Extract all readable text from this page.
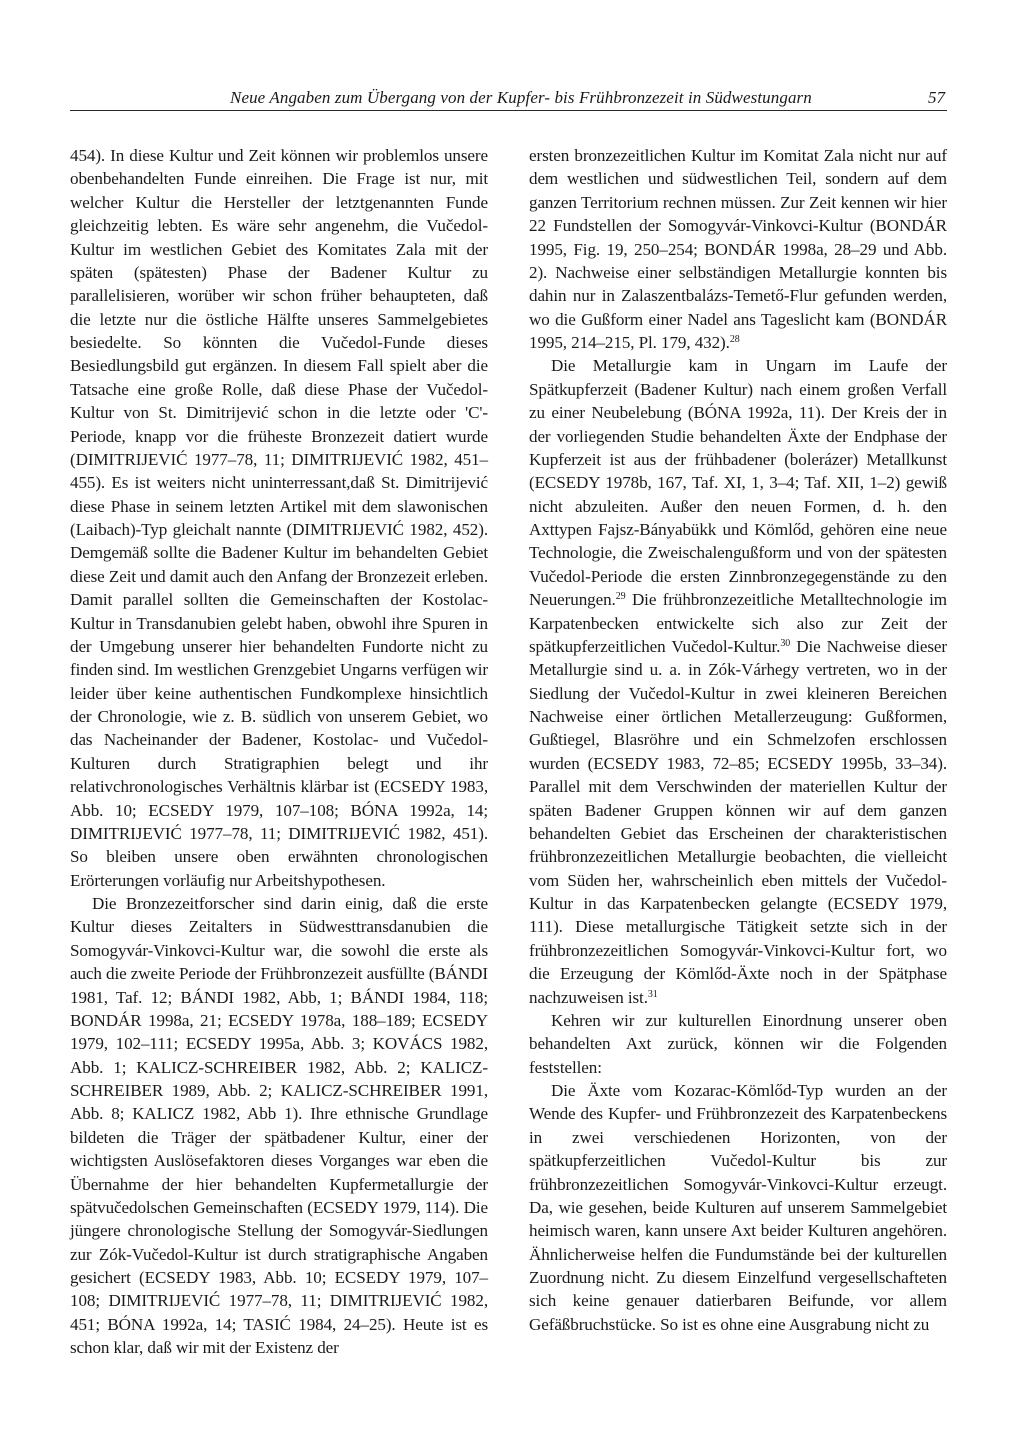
Neue Angaben zum Übergang von der Kupfer- bis Frühbronzezeit in Südwestungarn	57

454). In diese Kultur und Zeit können wir problemlos unsere obenbehandelten Funde einreihen. Die Frage ist nur, mit welcher Kultur die Hersteller der letztgenannten Funde gleichzeitig lebten. Es wäre sehr angenehm, die Vučedol-Kultur im westlichen Gebiet des Komitates Zala mit der späten (spätesten) Phase der Badener Kultur zu parallelisieren, worüber wir schon früher behaupteten, daß die letzte nur die östliche Hälfte unseres Sammelgebietes besiedelte. So könnten die Vučedol-Funde dieses Besiedlungsbild gut ergänzen. In diesem Fall spielt aber die Tatsache eine große Rolle, daß diese Phase der Vučedol-Kultur von St. Dimitrijević schon in die letzte oder 'C'-Periode, knapp vor die früheste Bronzezeit datiert wurde (DIMITRIJEVIĆ 1977–78, 11; DIMITRIJEVIĆ 1982, 451–455). Es ist weiters nicht uninterressant,daß St. Dimitrijević diese Phase in seinem letzten Artikel mit dem slawonischen (Laibach)-Typ gleichalt nannte (DIMITRIJEVIĆ 1982, 452). Demgemäß sollte die Badener Kultur im behandelten Gebiet diese Zeit und damit auch den Anfang der Bronzezeit erleben. Damit parallel sollten die Gemeinschaften der Kostolac-Kultur in Transdanubien gelebt haben, obwohl ihre Spuren in der Umgebung unserer hier behandelten Fundorte nicht zu finden sind. Im westlichen Grenzgebiet Ungarns verfügen wir leider über keine authentischen Fundkomplexe hinsichtlich der Chronologie, wie z. B. südlich von unserem Gebiet, wo das Nacheinander der Badener, Kostolac- und Vučedol-Kulturen durch Stratigraphien belegt und ihr relativchronologisches Verhältnis klärbar ist (ECSEDY 1983, Abb. 10; ECSEDY 1979, 107–108; BÓNA 1992a, 14; DIMITRIJEVIĆ 1977–78, 11; DIMITRIJEVIĆ 1982, 451). So bleiben unsere oben erwähnten chronologischen Erörterungen vorläufig nur Arbeitshypothesen.

Die Bronzezeitforscher sind darin einig, daß die erste Kultur dieses Zeitalters in Südwesttransdanubien die Somogyvár-Vinkovci-Kultur war, die sowohl die erste als auch die zweite Periode der Frühbronzezeit ausfüllte (BÁNDI 1981, Taf. 12; BÁNDI 1982, Abb, 1; BÁNDI 1984, 118; BONDÁR 1998a, 21; ECSEDY 1978a, 188–189; ECSEDY 1979, 102–111; ECSEDY 1995a, Abb. 3; KOVÁCS 1982, Abb. 1; KALICZ-SCHREIBER 1982, Abb. 2; KALICZ-SCHREIBER 1989, Abb. 2; KALICZ-SCHREIBER 1991, Abb. 8; KALICZ 1982, Abb 1). Ihre ethnische Grundlage bildeten die Träger der spätbadener Kultur, einer der wichtigsten Auslösefaktoren dieses Vorganges war eben die Übernahme der hier behandelten Kupfermetallurgie der spätvučedolschen Gemeinschaften (ECSEDY 1979, 114). Die jüngere chronologische Stellung der Somogyvár-Siedlungen zur Zók-Vučedol-Kultur ist durch stratigraphische Angaben gesichert (ECSEDY 1983, Abb. 10; ECSEDY 1979, 107–108; DIMITRIJEVIĆ 1977–78, 11; DIMITRIJEVIĆ 1982, 451; BÓNA 1992a, 14; TASIĆ 1984, 24–25). Heute ist es schon klar, daß wir mit der Existenz der

ersten bronzezeitlichen Kultur im Komitat Zala nicht nur auf dem westlichen und südwestlichen Teil, sondern auf dem ganzen Territorium rechnen müssen. Zur Zeit kennen wir hier 22 Fundstellen der Somogyvár-Vinkovci-Kultur (BONDÁR 1995, Fig. 19, 250–254; BONDÁR 1998a, 28–29 und Abb. 2). Nachweise einer selbständigen Metallurgie konnten bis dahin nur in Zalaszentbalázs-Temető-Flur gefunden werden, wo die Gußform einer Nadel ans Tageslicht kam (BONDÁR 1995, 214–215, Pl. 179, 432).$^{28}$

Die Metallurgie kam in Ungarn im Laufe der Spätkupferzeit (Badener Kultur) nach einem großen Verfall zu einer Neubelebung (BÓNA 1992a, 11). Der Kreis der in der vorliegenden Studie behandelten Äxte der Endphase der Kupferzeit ist aus der frühbadener (bolerázer) Metallkunst (ECSEDY 1978b, 167, Taf. XI, 1, 3–4; Taf. XII, 1–2) gewiß nicht abzuleiten. Außer den neuen Formen, d. h. den Axttypen Fajsz-Bányabükk und Kömlőd, gehören eine neue Technologie, die Zweischalengußform und von der spätesten Vučedol-Periode die ersten Zinnbronzegegenstände zu den Neuerungen.$^{29}$ Die frühbronzezeitliche Metalltechnologie im Karpatenbecken entwickelte sich also zur Zeit der spätkupferzeitlichen Vučedol-Kultur.$^{30}$ Die Nachweise dieser Metallurgie sind u. a. in Zók-Várhegy vertreten, wo in der Siedlung der Vučedol-Kultur in zwei kleineren Bereichen Nachweise einer örtlichen Metallerzeugung: Gußformen, Gußtiegel, Blasröhre und ein Schmelzofen erschlossen wurden (ECSEDY 1983, 72–85; ECSEDY 1995b, 33–34). Parallel mit dem Verschwinden der materiellen Kultur der späten Badener Gruppen können wir auf dem ganzen behandelten Gebiet das Erscheinen der charakteristischen frühbronzezeitlichen Metallurgie beobachten, die vielleicht vom Süden her, wahrscheinlich eben mittels der Vučedol-Kultur in das Karpatenbecken gelangte (ECSEDY 1979, 111). Diese metallurgische Tätigkeit setzte sich in der frühbronzezeitlichen Somogyvár-Vinkovci-Kultur fort, wo die Erzeugung der Kömlőd-Äxte noch in der Spätphase nachzuweisen ist.$^{31}$

Kehren wir zur kulturellen Einordnung unserer oben behandelten Axt zurück, können wir die Folgenden feststellen:

Die Äxte vom Kozarac-Kömlőd-Typ wurden an der Wende des Kupfer- und Frühbronzezeit des Karpatenbeckens in zwei verschiedenen Horizonten, von der spätkupferzeitlichen Vučedol-Kultur bis zur frühbronzezeitlichen Somogyvár-Vinkovci-Kultur erzeugt. Da, wie gesehen, beide Kulturen auf unserem Sammelgebiet heimisch waren, kann unsere Axt beider Kulturen angehören. Ähnlicherweise helfen die Fundumstände bei der kulturellen Zuordnung nicht. Zu diesem Einzelfund vergesellschafteten sich keine genauer datierbaren Beifunde, vor allem Gefäßbruchstücke. So ist es ohne eine Ausgrabung nicht zu
